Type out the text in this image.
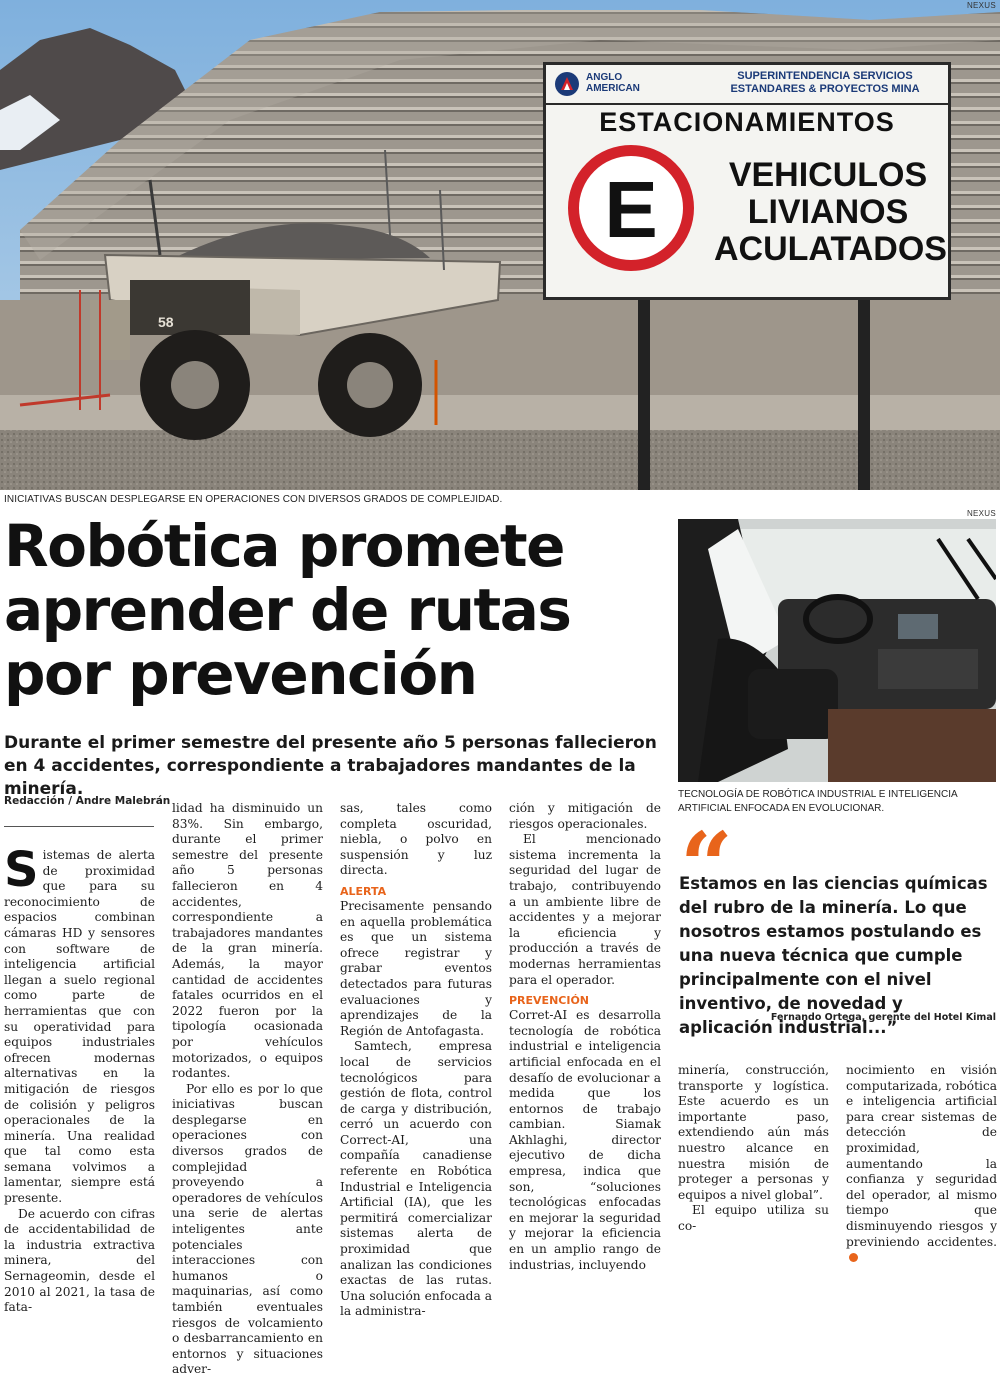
58
ANGLO
AMERICAN
SUPERINTENDENCIA SERVICIOS ESTANDARES & PROYECTOS MINA
ESTACIONAMIENTOS
E	VEHICULOS
LIVIANOS
ACULATADOS
NEXUS
INICIATIVAS BUSCAN DESPLEGARSE EN OPERACIONES CON DIVERSOS GRADOS DE COMPLEJIDAD.
Robótica promete
aprender de rutas
por prevención
Durante el primer semestre del presente año 5 personas fallecieron en 4 accidentes, correspondiente a trabajadores mandantes de la minería.
Redacción / Andre Malebrán

Sistemas de alerta de proximidad que para su reconocimiento de espacios combinan cámaras HD y sensores con software de inteligencia artificial llegan a suelo regional como parte de herramientas que con su operatividad para equipos industriales ofrecen modernas alternativas en la mitigación de riesgos de colisión y peligros operacionales de la minería. Una realidad que tal como esta semana volvimos a lamentar, siempre está presente.

De acuerdo con cifras de accidentabilidad de la industria extractiva minera, del Sernageomin, desde el 2010 al 2021, la tasa de fata-

lidad ha disminuido un 83%. Sin embargo, durante el primer semestre del presente año 5 personas fallecieron en 4 accidentes, correspondiente a trabajadores mandantes de la gran minería. Además, la mayor cantidad de accidentes fatales ocurridos en el 2022 fueron por la tipología ocasionada por vehículos motorizados, o equipos rodantes.

Por ello es por lo que iniciativas buscan desplegarse en operaciones con diversos grados de complejidad proveyendo a operadores de vehículos una serie de alertas inteligentes ante potenciales interacciones con humanos o maquinarias, así como también eventuales riesgos de volcamiento o desbarrancamiento en entornos y situaciones adver-

sas, tales como completa oscuridad, niebla, o polvo en suspensión y luz directa.

ALERTA

Precisamente pensando en aquella problemática es que un sistema ofrece registrar y grabar eventos detectados para futuras evaluaciones y aprendizajes de la Región de Antofagasta.

Samtech, empresa local de servicios tecnológicos para gestión de flota, control de carga y distribución, cerró un acuerdo con Correct-AI, una compañía canadiense referente en Robótica Industrial e Inteligencia Artificial (IA), que les permitirá comercializar sistemas alerta de proximidad que analizan las condiciones exactas de las rutas. Una solución enfocada a la administra-

ción y mitigación de riesgos operacionales.

El mencionado sistema incrementa la seguridad del lugar de trabajo, contribuyendo a un ambiente libre de accidentes y a mejorar la eficiencia y producción a través de modernas herramientas para el operador.

PREVENCIÓN

Corret-AI es desarrolla tecnología de robótica industrial e inteligencia artificial enfocada en el desafío de evolucionar a medida que los entornos de trabajo cambian. Siamak Akhlaghi, director ejecutivo de dicha empresa, indica que son, “soluciones tecnológicas enfocadas en mejorar la seguridad y mejorar la eficiencia en un amplio rango de industrias, incluyendo

minería, construcción, transporte y logística. Este acuerdo es un importante paso, extendiendo aún más nuestro alcance en nuestra misión de proteger a personas y equipos a nivel global”.

El equipo utiliza su co-

nocimiento en visión computarizada, robótica e inteligencia artificial para crear sistemas de detección de proximidad, aumentando la confianza y seguridad del operador, al mismo tiempo que disminuyendo riesgos y previniendo accidentes.

NEXUS
TECNOLOGÍA DE ROBÓTICA INDUSTRIAL E INTELIGENCIA ARTIFICIAL ENFOCADA EN EVOLUCIONAR.
“
Estamos en las ciencias químicas del rubro de la minería. Lo que nosotros estamos postulando es una nueva técnica que cumple principalmente con el nivel inventivo, de novedad y aplicación industrial...”
Fernando Ortega, gerente del Hotel Kimal
